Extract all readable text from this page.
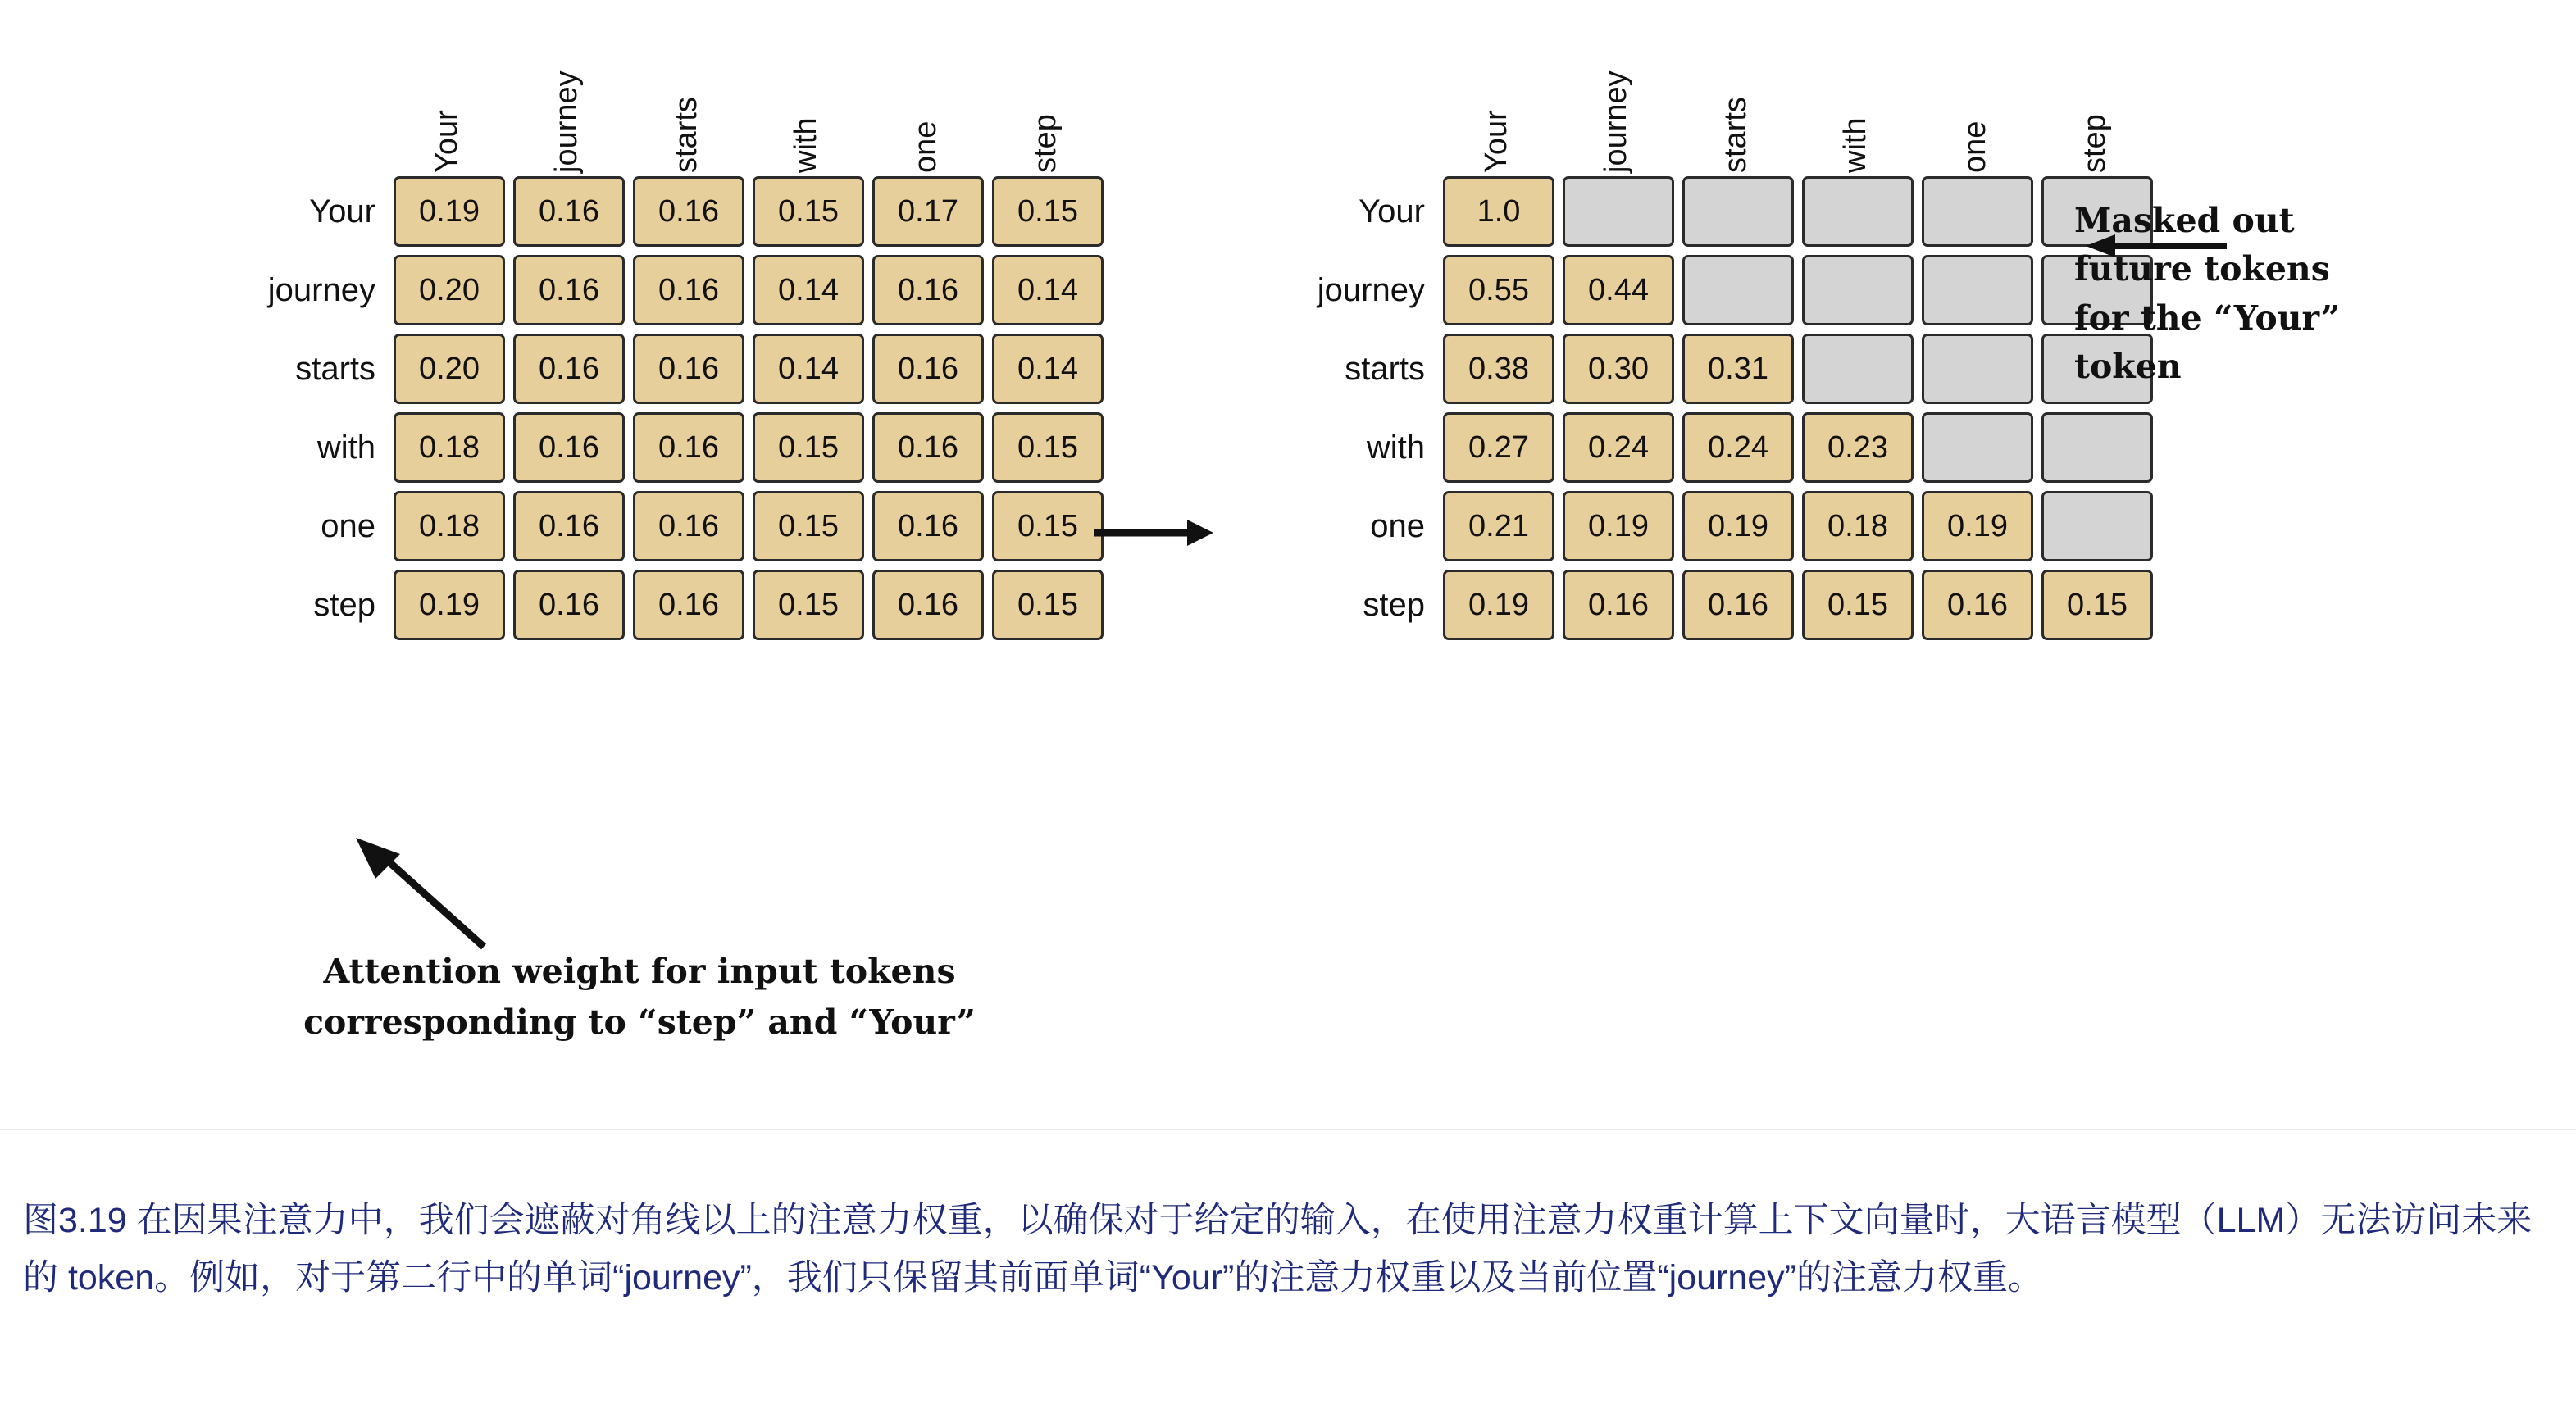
Your	journey	starts	with	one	step
Your	0.19	0.16	0.16	0.15	0.17	0.15
journey	0.20	0.16	0.16	0.14	0.16	0.14
starts	0.20	0.16	0.16	0.14	0.16	0.14
with	0.18	0.16	0.16	0.15	0.16	0.15
one	0.18	0.16	0.16	0.15	0.16	0.15
step	0.19	0.16	0.16	0.15	0.16	0.15
Your	journey	starts	with	one	step
Your	1.0
journey	0.55	0.44
starts	0.38	0.30	0.31
with	0.27	0.24	0.24	0.23
one	0.21	0.19	0.19	0.18	0.19
step	0.19	0.16	0.16	0.15	0.16	0.15
Masked out
future tokens
for the “Your”
token
Attention weight for input tokens
corresponding to “step” and “Your”
图3.19 在因果注意力中，我们会遮蔽对角线以上的注意力权重，以确保对于给定的输入，在使用注意力权重计算上下文向量时，大语言模型（LLM）无法访问未来的 token。例如，对于第二行中的单词“journey”，我们只保留其前面单词“Your”的注意力权重以及当前位置“journey”的注意力权重。
